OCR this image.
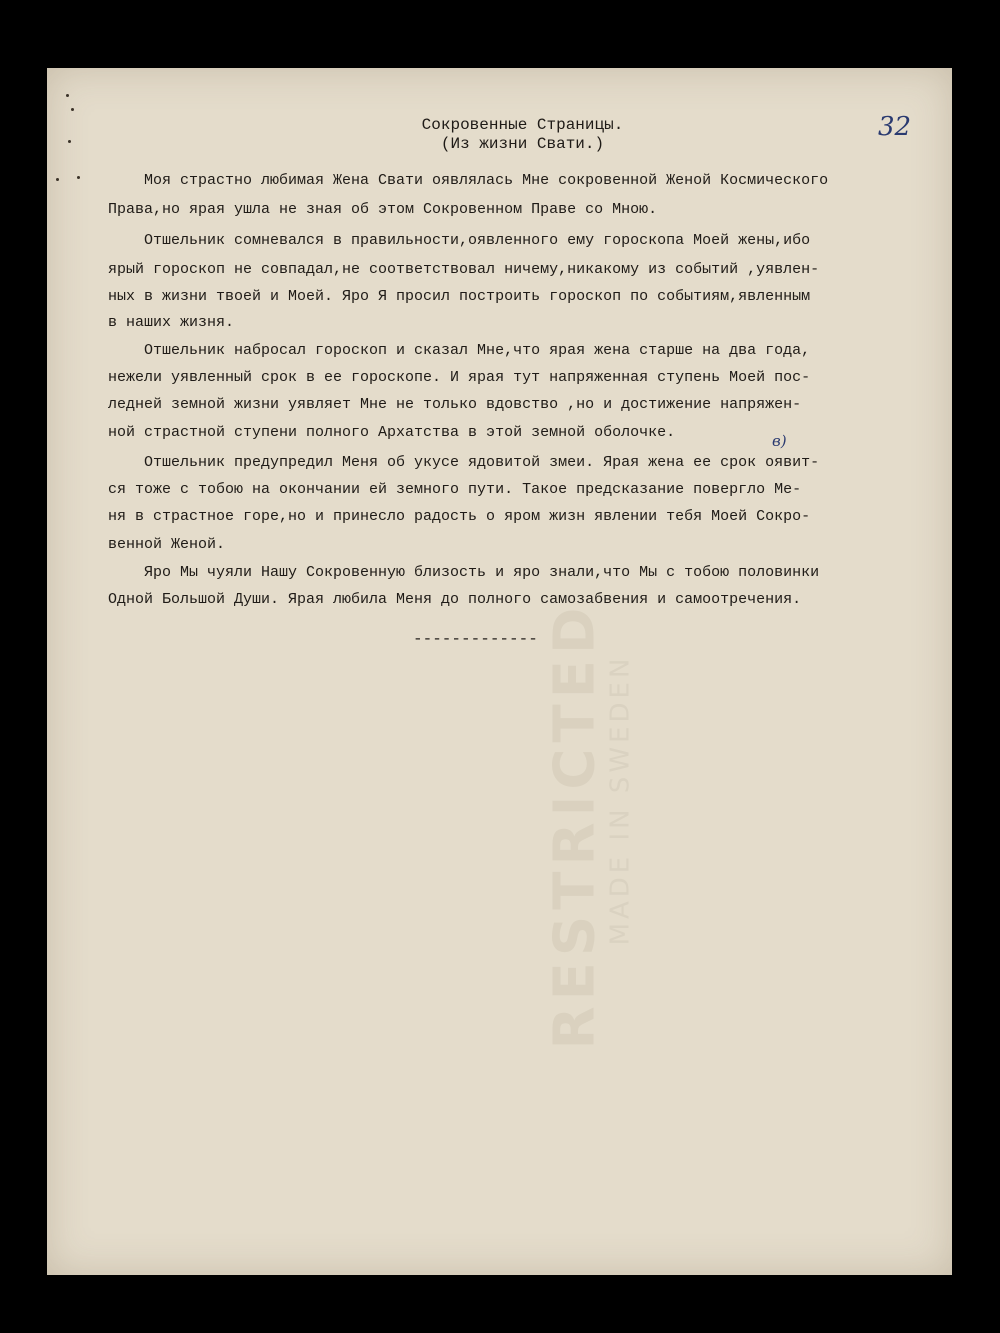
32
Сокровенные Страницы.
(Из жизни Свати.)
Моя страстно любимая Жена Свати оявлялась Мне сокровенной Женой Космического
Права,но ярая ушла не зная об этом Сокровенном Праве со Мною.
Отшельник сомневался в правильности,оявленного ему гороскопа Моей жены,ибо
ярый гороскоп не совпадал,не соответствовал ничему,никакому из событий ,уявлен-
ных в жизни твоей и Моей. Яро Я просил построить гороскоп по событиям,явленным
в наших жизня.
Отшельник набросал гороскоп и сказал Мне,что ярая жена старше на два года,
нежели уявленный срок в ее гороскопе. И ярая тут напряженная ступень Моей пос-
ледней земной жизни уявляет Мне не только вдовство ,но и достижение напряжен-
ной страстной ступени полного Архатства в этой земной оболочке.
Отшельник предупредил Меня об укусе ядовитой змеи. Ярая жена ее срок оявит-
ся тоже с тобою на окончании ей земного пути. Такое предсказание повергло Ме-
ня в страстное горе,но и принесло радость о яром жизн явлении тебя Моей Сокро-
венной Женой.
Яро Мы чуяли Нашу Сокровенную близость и яро знали,что Мы с тобою половинки
Одной Большой Души. Ярая любила Меня до полного самозабвения и самоотречения.
в)
-------------
